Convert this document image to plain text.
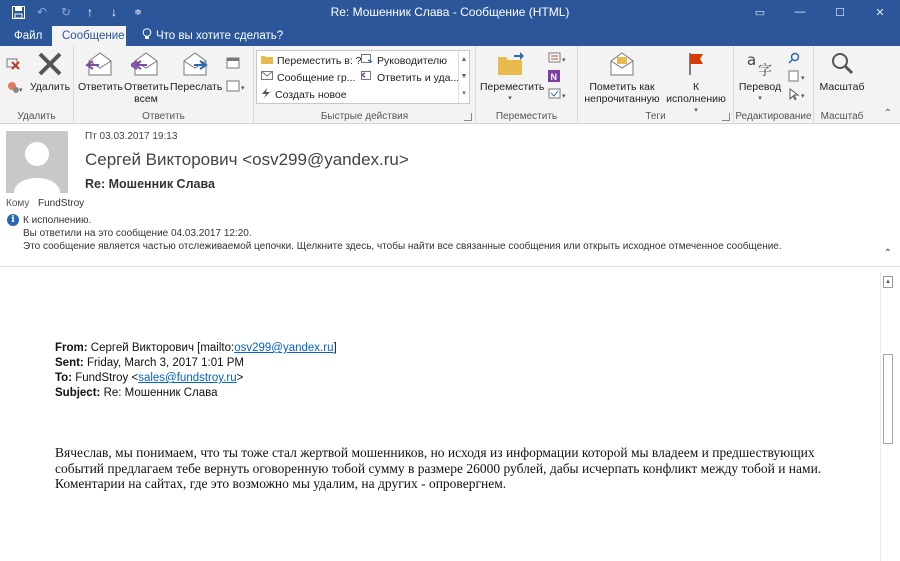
↶	↻	↑	↓	≑	Re: Мошенник Слава - Сообщение (HTML)	▭	—	☐	✕
Файл	Сообщение	Что вы хотите сделать?
▾ Удалить
Удалить
Ответить Ответить
всем
Переслать	▾
Ответить	Быстрые действия
Переместить в: ? Руководителю
Сообщение гр... Ответить и уда...
Создать новое
▲
▼
▾
Переместить
▾
▾
N
▾
Переместить
Пометить как
непрочитанную
К исполнению
▾
Теги
a
字
Перевод
▾
▾
▾
Редактирование
Масштаб
Масштаб	⌃
Пт 03.03.2017 19:13
Сергей Викторович <osv299@yandex.ru>
Re: Мошенник Слава
Кому FundStroy
i К исполнению.
Вы ответили на это сообщение 04.03.2017 12:20.
Это сообщение является частью отслеживаемой цепочки. Щелкните здесь, чтобы найти все связанные сообщения или открыть исходное отмеченное сообщение.
⌃
From: Сергей Викторович [mailto:osv299@yandex.ru]
Sent: Friday, March 3, 2017 1:01 PM
To: FundStroy <sales@fundstroy.ru>
Subject: Re: Мошенник Слава
Вячеслав, мы понимаем, что ты тоже стал жертвой мошенников, но исходя из информации которой мы владеем и предшествующих событий предлагаем тебе вернуть оговоренную тобой сумму в размере 26000 рублей, дабы исчерпать конфликт между тобой и нами. Коментарии на сайтах, где это возможно мы удалим, на других - опровергнем.
▲
